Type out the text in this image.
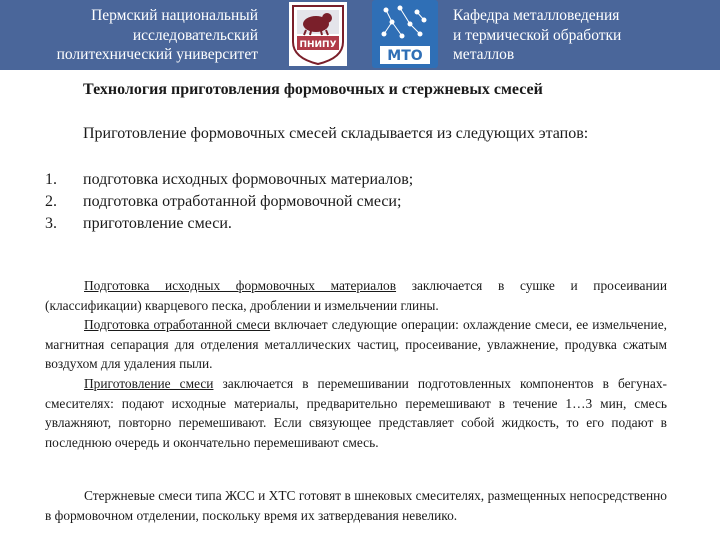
Пермский национальный
исследовательский
политехнический университет
ПНИПУ
МТО
Кафедра металловедения
и термической обработки
металлов
Технология приготовления формовочных и стержневых смесей
Приготовление формовочных смесей складывается из следующих этапов:
1.	подготовка исходных формовочных материалов;
2.	подготовка отработанной формовочной смеси;
3.	приготовление смеси.

Подготовка исходных формовочных материалов заключается в сушке и просеивании (классификации) кварцевого песка, дроблении и измельчении глины.

Подготовка отработанной смеси включает следующие операции: охлаждение смеси, ее измельчение, магнитная сепарация для отделения металлических частиц, просеивание, увлажнение, продувка сжатым воздухом для удаления пыли.

Приготовление смеси заключается в перемешивании подготовленных компонентов в бегунах-смесителях: подают исходные материалы, предварительно перемешивают в течение 1…3 мин, смесь увлажняют, повторно перемешивают. Если связующее представляет собой жидкость, то его подают в последнюю очередь и окончательно перемешивают смесь.

Стержневые смеси типа ЖСС и ХТС готовят в шнековых смесителях, размещенных непосредственно в формовочном отделении, поскольку время их затвердевания невелико.
